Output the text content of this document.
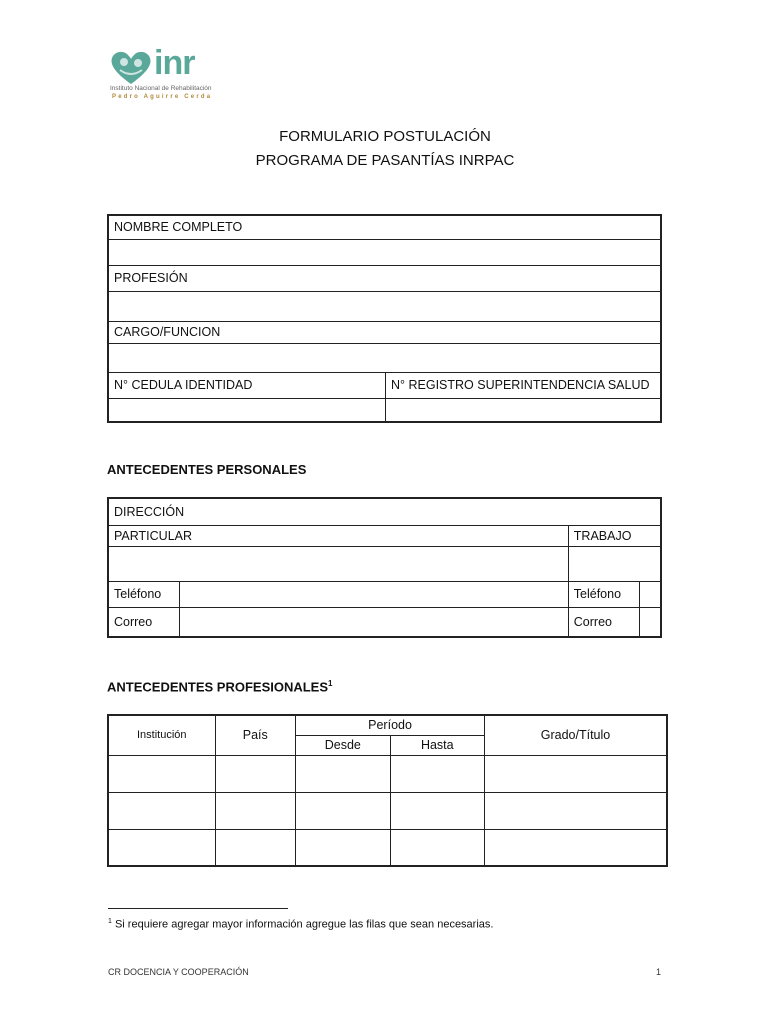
inr
Instituto Nacional de Rehabilitación
Pedro Aguirre Cerda
FORMULARIO POSTULACIÓN
PROGRAMA DE PASANTÍAS INRPAC
NOMBRE COMPLETO	

PROFESIÓN	

CARGO/FUNCION	

N° CEDULA IDENTIDAD	N° REGISTRO SUPERINTENDENCIA SALUD

ANTECEDENTES PERSONALES
DIRECCIÓN			
PARTICULAR		TRABAJO	

Teléfono		Teléfono	
Correo		Correo	
ANTECEDENTES PROFESIONALES$^1$
Institución	País	Período		Grado/Título
		Desde	Hasta	

$^1$ Si requiere agregar mayor información agregue las filas que sean necesarias.
CR DOCENCIA Y COOPERACIÓN	1
